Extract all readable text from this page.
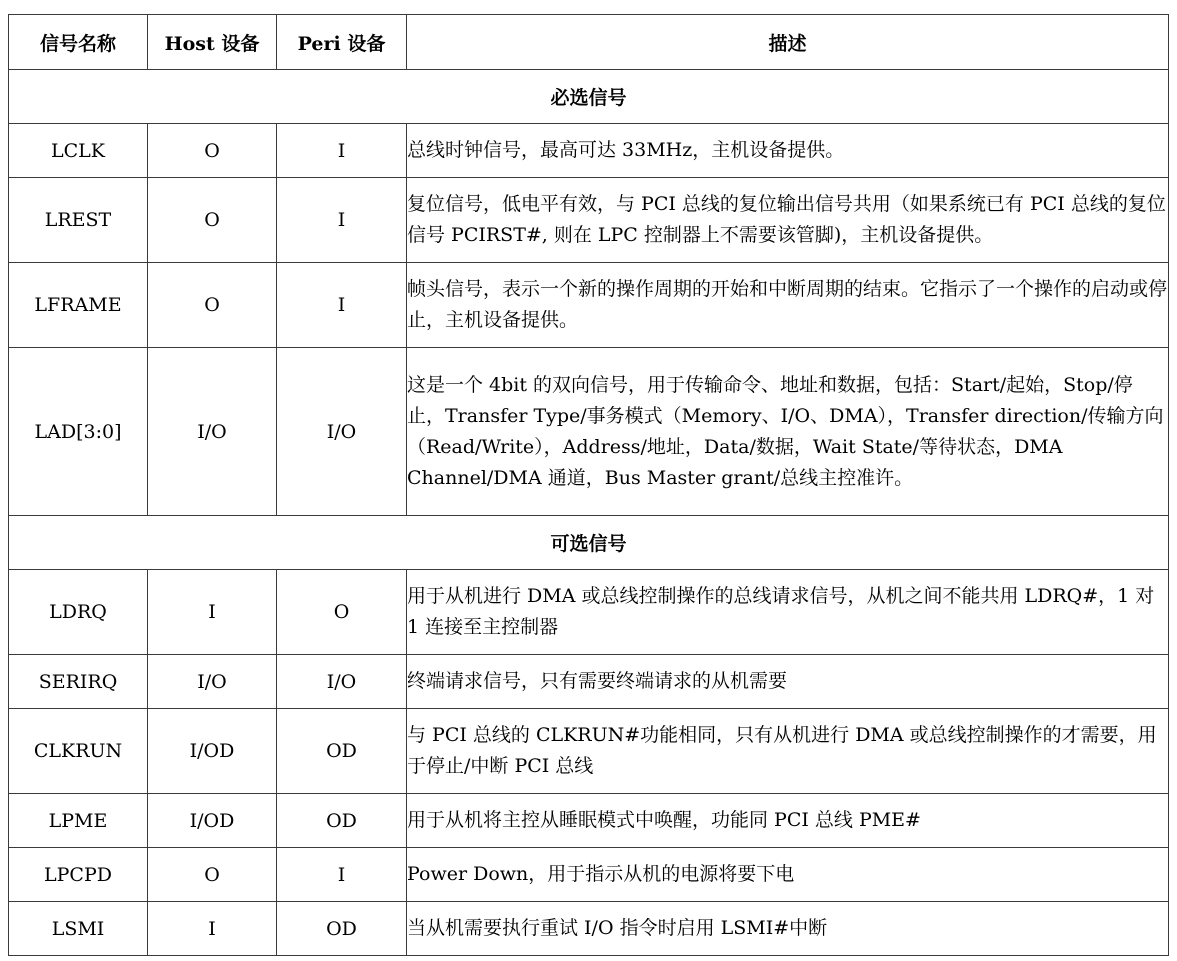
信号名称	Host 设备	Peri 设备	描述
必选信号			
LCLK	O	I	总线时钟信号，最高可达 33MHz，主机设备提供。
LREST	O	I	复位信号，低电平有效，与 PCI 总线的复位输出信号共用（如果系统已有 PCI 总线的复位信号 PCIRST#, 则在 LPC 控制器上不需要该管脚)，主机设备提供。
LFRAME	O	I	帧头信号，表示一个新的操作周期的开始和中断周期的结束。它指示了一个操作的启动或停止，主机设备提供。
LAD[3:0]	I/O	I/O	这是一个 4bit 的双向信号，用于传输命令、地址和数据，包括：Start/起始，Stop/停止，Transfer Type/事务模式（Memory、I/O、DMA），Transfer direction/传输方向（Read/Write），Address/地址，Data/数据，Wait State/等待状态，DMA Channel/DMA 通道，Bus Master grant/总线主控准许。
可选信号			
LDRQ	I	O	用于从机进行 DMA 或总线控制操作的总线请求信号，从机之间不能共用 LDRQ#，1 对 1 连接至主控制器
SERIRQ	I/O	I/O	终端请求信号，只有需要终端请求的从机需要
CLKRUN	I/OD	OD	与 PCI 总线的 CLKRUN#功能相同，只有从机进行 DMA 或总线控制操作的才需要，用于停止/中断 PCI 总线
LPME	I/OD	OD	用于从机将主控从睡眠模式中唤醒，功能同 PCI 总线 PME#
LPCPD	O	I	Power Down，用于指示从机的电源将要下电
LSMI	I	OD	当从机需要执行重试 I/O 指令时启用 LSMI#中断
